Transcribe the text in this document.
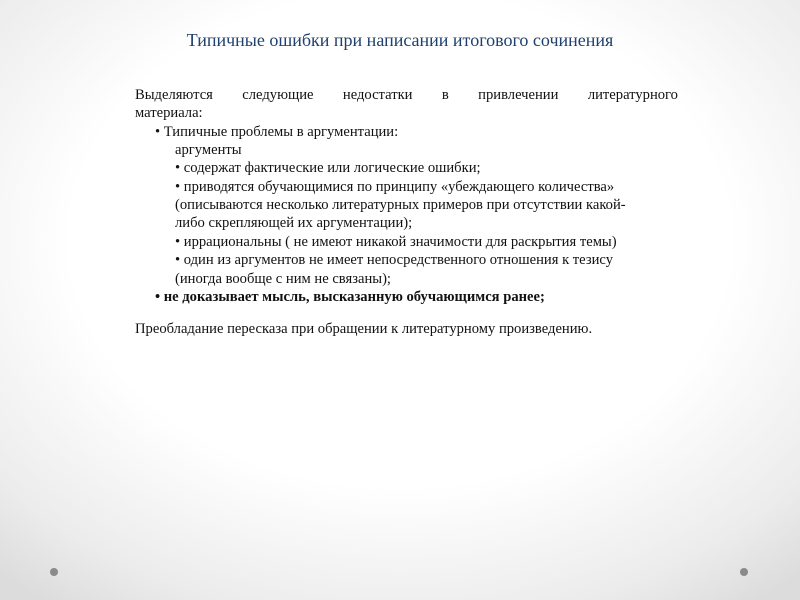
Типичные ошибки при написании итогового сочинения
Выделяются следующие недостатки в привлечении литературного
материала:
• Типичные проблемы в аргументации:
аргументы
• содержат фактические или логические ошибки;
• приводятся обучающимися по принципу «убеждающего количества»
(описываются несколько литературных примеров при отсутствии какой-
либо скрепляющей их аргументации);
• иррациональны ( не имеют никакой значимости для раскрытия темы)
• один из аргументов не имеет непосредственного отношения к тезису
(иногда вообще с ним не связаны);
• не доказывает мысль, высказанную обучающимся ранее;
Преобладание пересказа при обращении к литературному произведению.
